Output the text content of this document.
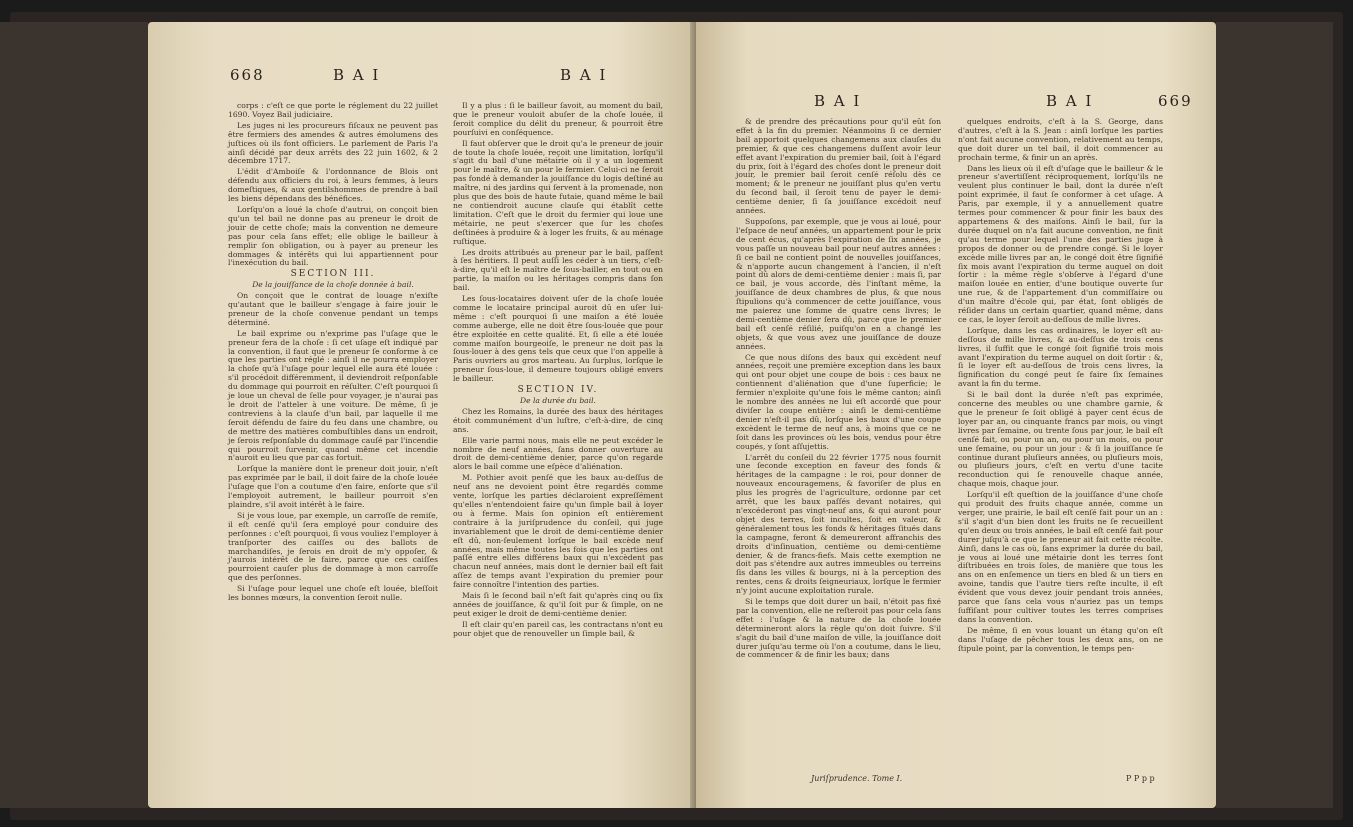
668	B A I	B A I

corps : c'eſt ce que porte le réglement du 22 juillet 1690. Voyez Bail judiciaire.

Les juges ni les procureurs fiſcaux ne peuvent pas être fermiers des amendes & autres émolumens des juſtices où ils font officiers. Le parlement de Paris l'a ainſi décidé par deux arrêts des 22 juin 1602, & 2 décembre 1717.

L'édit d'Amboiſe & l'ordonnance de Blois ont défendu aux officiers du roi, à leurs femmes, à leurs domeſtiques, & aux gentilshommes de prendre à bail les biens dépendans des bénéfices.

Lorſqu'on a loué la choſe d'autrui, on conçoit bien qu'un tel bail ne donne pas au preneur le droit de jouir de cette choſe; mais la convention ne demeure pas pour cela ſans effet; elle oblige le bailleur à remplir ſon obligation, ou à payer au preneur les dommages & intérêts qui lui appartiennent pour l'inexécution du bail.

SECTION III.

De la jouiſſance de la choſe donnée à bail.

On conçoit que le contrat de louage n'exiſte qu'autant que le bailleur s'engage à faire jouir le preneur de la choſe convenue pendant un temps déterminé.

Le bail exprime ou n'exprime pas l'uſage que le preneur fera de la choſe : ſi cet uſage eſt indiqué par la convention, il faut que le preneur ſe conforme à ce que les parties ont réglé : ainſi il ne pourra employer la choſe qu'à l'uſage pour lequel elle aura été louée : s'il procédoit différemment, il deviendroit reſponſable du dommage qui pourroit en réſulter. C'eſt pourquoi ſi je loue un cheval de ſelle pour voyager, je n'aurai pas le droit de l'atteler à une voiture. De même, ſi je contreviens à la clauſe d'un bail, par laquelle il me ſeroit défendu de faire du feu dans une chambre, ou de mettre des matières combuſtibles dans un endroit, je ſerois reſponſable du dommage cauſé par l'incendie qui pourroit ſurvenir, quand même cet incendie n'auroit eu lieu que par cas fortuit.

Lorſque la manière dont le preneur doit jouir, n'eſt pas exprimée par le bail, il doit faire de la choſe louée l'uſage que l'on a coutume d'en faire, enſorte que s'il l'employoit autrement, le bailleur pourroit s'en plaindre, s'il avoit intérêt à le faire.

Si je vous loue, par exemple, un carroſſe de remiſe, il eſt cenſé qu'il ſera employé pour conduire des perſonnes : c'eſt pourquoi, ſi vous vouliez l'employer à tranſporter des caiſſes ou des ballots de marchandiſes, je ſerois en droit de m'y oppoſer, & j'aurois intérêt de le faire, parce que ces caiſſes pourroient cauſer plus de dommage à mon carroſſe que des perſonnes.

Si l'uſage pour lequel une choſe eſt louée, bleſſoit les bonnes mœurs, la convention ſeroit nulle.

Il y a plus : ſi le bailleur ſavoit, au moment du bail, que le preneur vouloit abuſer de la choſe louée, il ſeroit complice du délit du preneur, & pourroit être pourſuivi en conſéquence.

Il faut obſerver que le droit qu'a le preneur de jouir de toute la choſe louée, reçoit une limitation, lorſqu'il s'agit du bail d'une métairie où il y a un logement pour le maître, & un pour le fermier. Celui-ci ne ſeroit pas fondé à demander la jouiſſance du logis deſtiné au maître, ni des jardins qui ſervent à la promenade, non plus que des bois de haute futaie, quand même le bail ne contiendroit aucune clauſe qui établît cette limitation. C'eſt que le droit du fermier qui loue une métairie, ne peut s'exercer que ſur les choſes deſtinées à produire & à loger les fruits, & au ménage ruſtique.

Les droits attribués au preneur par le bail, paſſent à ſes héritiers. Il peut auſſi les céder à un tiers, c'eſt-à-dire, qu'il eſt le maître de ſous-bailler, en tout ou en partie, la maiſon ou les héritages compris dans ſon bail.

Les ſous-locataires doivent uſer de la choſe louée comme le locataire principal auroit dû en uſer lui-même : c'eſt pourquoi ſi une maiſon a été louée comme auberge, elle ne doit être ſous-louée que pour être exploitée en cette qualité. Et, ſi elle a été louée comme maiſon bourgeoiſe, le preneur ne doit pas la ſous-louer à des gens tels que ceux que l'on appelle à Paris ouvriers au gros marteau. Au ſurplus, lorſque le preneur ſous-loue, il demeure toujours obligé envers le bailleur.

SECTION IV.

De la durée du bail.

Chez les Romains, la durée des baux des héritages étoit communément d'un luſtre, c'eſt-à-dire, de cinq ans.

Elle varie parmi nous, mais elle ne peut excéder le nombre de neuf années, ſans donner ouverture au droit de demi-centième denier, parce qu'on regarde alors le bail comme une eſpèce d'aliénation.

M. Pothier avoit penſé que les baux au-deſſus de neuf ans ne devoient point être regardés comme vente, lorſque les parties déclaroient expreſſément qu'elles n'entendoient faire qu'un ſimple bail à loyer ou à ferme. Mais ſon opinion eſt entièrement contraire à la juriſprudence du conſeil, qui juge invariablement que le droit de demi-centième denier eſt dû, non-ſeulement lorſque le bail excède neuf années, mais même toutes les fois que les parties ont paſſé entre elles différens baux qui n'excèdent pas chacun neuf années, mais dont le dernier bail eſt fait aſſez de temps avant l'expiration du premier pour faire connoître l'intention des parties.

Mais ſi le ſecond bail n'eſt fait qu'après cinq ou ſix années de jouiſſance, & qu'il ſoit pur & ſimple, on ne peut exiger le droit de demi-centième denier.

Il eſt clair qu'en pareil cas, les contractans n'ont eu pour objet que de renouveller un ſimple bail, &

B A I	B A I	669

& de prendre des précautions pour qu'il eût ſon effet à la fin du premier. Néanmoins ſi ce dernier bail apportoit quelques changemens aux clauſes du premier, & que ces changemens duſſent avoir leur effet avant l'expiration du premier bail, ſoit à l'égard du prix, ſoit à l'égard des choſes dont le preneur doit jouir, le premier bail ſeroit cenſé réſolu dès ce moment; & le preneur ne jouiſſant plus qu'en vertu du ſecond bail, il ſeroit tenu de payer le demi-centième denier, ſi ſa jouiſſance excédoit neuf années.

Suppoſons, par exemple, que je vous ai loué, pour l'eſpace de neuf années, un appartement pour le prix de cent écus, qu'après l'expiration de ſix années, je vous paſſe un nouveau bail pour neuf autres années : ſi ce bail ne contient point de nouvelles jouiſſances, & n'apporte aucun changement à l'ancien, il n'eſt point dû alors de demi-centième denier : mais ſi, par ce bail, je vous accorde, dès l'inſtant même, la jouiſſance de deux chambres de plus, & que nous ſtipulions qu'à commencer de cette jouiſſance, vous me paierez une ſomme de quatre cens livres; le demi-centième denier ſera dû, parce que le premier bail eſt cenſé réſilié, puiſqu'on en a changé les objets, & que vous avez une jouiſſance de douze années.

Ce que nous diſons des baux qui excèdent neuf années, reçoit une première exception dans les baux qui ont pour objet une coupe de bois : ces baux ne contiennent d'aliénation que d'une ſuperficie; le fermier n'exploite qu'une fois le même canton; ainſi le nombre des années ne lui eſt accordé que pour diviſer la coupe entière : ainſi le demi-centième denier n'eſt-il pas dû, lorſque les baux d'une coupe excèdent le terme de neuf ans, à moins que ce ne ſoit dans les provinces où les bois, vendus pour être coupés, y ſont aſſujettis.

L'arrêt du conſeil du 22 février 1775 nous fournit une ſeconde exception en faveur des fonds & héritages de la campagne : le roi, pour donner de nouveaux encouragemens, & favoriſer de plus en plus les progrès de l'agriculture, ordonne par cet arrêt, que les baux paſſés devant notaires, qui n'excéderont pas vingt-neuf ans, & qui auront pour objet des terres, ſoit incultes, ſoit en valeur, & généralement tous les fonds & héritages ſitués dans la campagne, feront & demeureront affranchis des droits d'inſinuation, centième ou demi-centième denier, & de francs-fiefs. Mais cette exemption ne doit pas s'étendre aux autres immeubles ou terreins ſis dans les villes & bourgs, ni à la perception des rentes, cens & droits ſeigneuriaux, lorſque le fermier n'y joint aucune exploitation rurale.

Si le temps que doit durer un bail, n'étoit pas fixé par la convention, elle ne reſteroit pas pour cela ſans effet : l'uſage & la nature de la choſe louée détermineront alors la règle qu'on doit ſuivre. S'il s'agit du bail d'une maiſon de ville, la jouiſſance doit durer juſqu'au terme où l'on a coutume, dans le lieu, de commencer & de finir les baux; dans

quelques endroits, c'eſt à la S. George, dans d'autres, c'eſt à la S. Jean : ainſi lorſque les parties n'ont fait aucune convention, relativement au temps, que doit durer un tel bail, il doit commencer au prochain terme, & finir un an après.

Dans les lieux où il eſt d'uſage que le bailleur & le preneur s'avertiſſent réciproquement, lorſqu'ils ne veulent plus continuer le bail, dont la durée n'eſt point exprimée, il faut ſe conformer à cet uſage. A Paris, par exemple, il y a annuellement quatre termes pour commencer & pour finir les baux des appartemens & des maiſons. Ainſi le bail, ſur la durée duquel on n'a fait aucune convention, ne finit qu'au terme pour lequel l'une des parties juge à propos de donner ou de prendre congé. Si le loyer excède mille livres par an, le congé doit être ſignifié ſix mois avant l'expiration du terme auquel on doit ſortir : la même règle s'obſerve à l'égard d'une maiſon louée en entier, d'une boutique ouverte ſur une rue, & de l'appartement d'un commiſſaire ou d'un maître d'école qui, par état, ſont obligés de réſider dans un certain quartier, quand même, dans ce cas, le loyer ſeroit au-deſſous de mille livres.

Lorſque, dans les cas ordinaires, le loyer eſt au-deſſous de mille livres, & au-deſſus de trois cens livres, il ſuffit que le congé ſoit ſignifié trois mois avant l'expiration du terme auquel on doit ſortir : &, ſi le loyer eſt au-deſſous de trois cens livres, la ſignification du congé peut ſe faire ſix ſemaines avant la fin du terme.

Si le bail dont la durée n'eſt pas exprimée, concerne des meubles ou une chambre garnie, & que le preneur ſe ſoit obligé à payer cent écus de loyer par an, ou cinquante francs par mois, ou vingt livres par ſemaine, ou trente ſous par jour, le bail eſt cenſé fait, ou pour un an, ou pour un mois, ou pour une ſemaine, ou pour un jour : & ſi la jouiſſance ſe continue durant pluſieurs années, ou pluſieurs mois, ou pluſieurs jours, c'eſt en vertu d'une tacite reconduction qui ſe renouvelle chaque année, chaque mois, chaque jour.

Lorſqu'il eſt queſtion de la jouiſſance d'une choſe qui produit des fruits chaque année, comme un verger, une prairie, le bail eſt cenſé fait pour un an : s'il s'agit d'un bien dont les fruits ne ſe recueillent qu'en deux ou trois années, le bail eſt cenſé fait pour durer juſqu'à ce que le preneur ait fait cette récolte. Ainſi, dans le cas où, ſans exprimer la durée du bail, je vous ai loué une métairie dont les terres ſont diſtribuées en trois ſoles, de manière que tous les ans on en enſemence un tiers en bled & un tiers en avoine, tandis que l'autre tiers reſte inculte, il eſt évident que vous devez jouir pendant trois années, parce que ſans cela vous n'auriez pas un temps ſuffiſant pour cultiver toutes les terres comprises dans la convention.

De même, ſi en vous louant un étang qu'on eſt dans l'uſage de pêcher tous les deux ans, on ne ſtipule point, par la convention, le temps pen-

Juriſprudence. Tome I.	P P p p
